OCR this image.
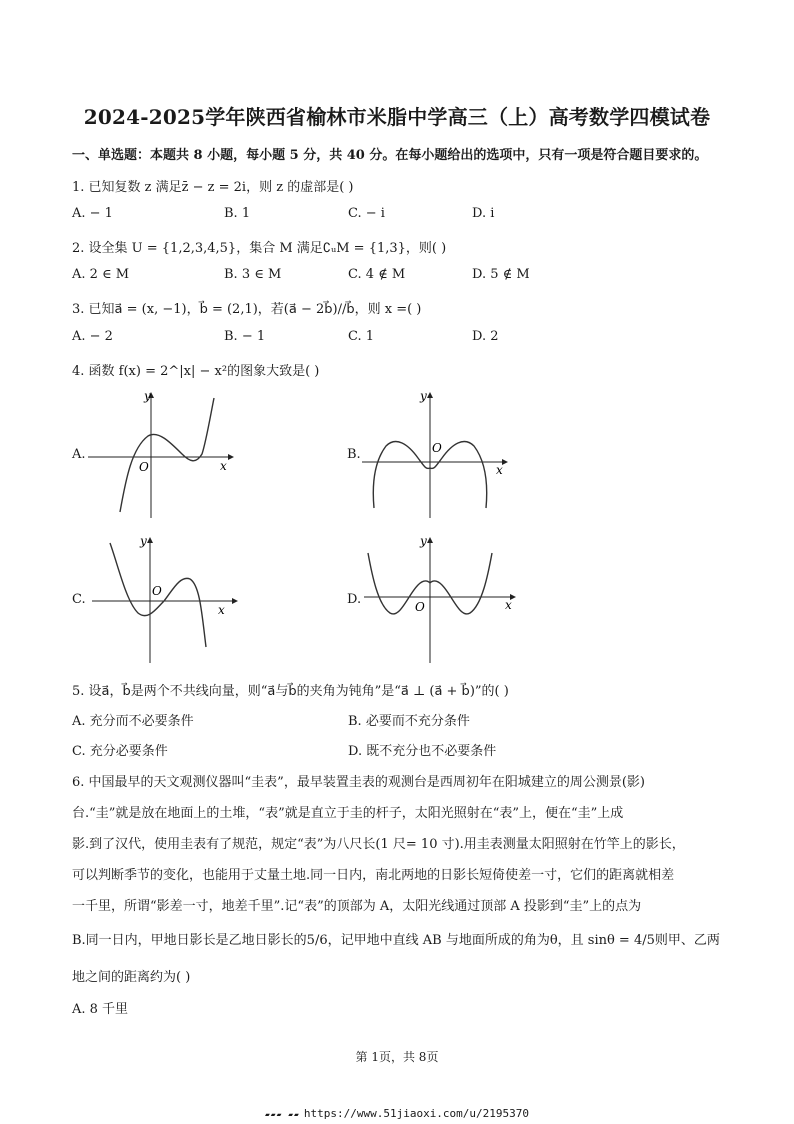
2024-2025学年陕西省榆林市米脂中学高三（上）高考数学四模试卷
一、单选题：本题共 8 小题，每小题 5 分，共 40 分。在每小题给出的选项中，只有一项是符合题目要求的。
1. 已知复数 z 满足z̄ − z = 2i，则 z 的虚部是( )
A. − 1	B. 1	C. − i	D. i
2. 设全集 U = {1,2,3,4,5}，集合 M 满足∁ᵤM = {1,3}，则( )
A. 2 ∈ M	B. 3 ∈ M	C. 4 ∉ M	D. 5 ∉ M
3. 已知a⃗ = (x, −1)，b⃗ = (2,1)，若(a⃗ − 2b⃗)//b⃗，则 x =( )
A. − 2	B. − 1	C. 1	D. 2
4. 函数 f(x) = 2^|x| − x²的图象大致是( )
A.
y
x
O
B.
y
x
O
C.
y
x
O
D.
y
x
O
5. 设a⃗，b⃗是两个不共线向量，则“a⃗与b⃗的夹角为钝角”是“a⃗ ⊥ (a⃗ + b⃗)”的( )
A. 充分而不必要条件	B. 必要而不充分条件
C. 充分必要条件	D. 既不充分也不必要条件
6. 中国最早的天文观测仪器叫“圭表”，最早装置圭表的观测台是西周初年在阳城建立的周公测景(影)
台.“圭”就是放在地面上的土堆，“表”就是直立于圭的杆子，太阳光照射在“表”上，便在“圭”上成
影.到了汉代，使用圭表有了规范，规定“表”为八尺长(1 尺= 10 寸).用圭表测量太阳照射在竹竿上的影长，
可以判断季节的变化，也能用于丈量土地.同一日内，南北两地的日影长短倚使差一寸，它们的距离就相差
一千里，所谓“影差一寸，地差千里”.记“表”的顶部为 A，太阳光线通过顶部 A 投影到“圭”上的点为
B.同一日内，甲地日影长是乙地日影长的5/6，记甲地中直线 AB 与地面所成的角为θ，且 sinθ = 4/5则甲、乙两
地之间的距离约为( )
A. 8 千里
第 1页，共 8页
▰▰▰ ▰▰ https://www.51jiaoxi.com/u/2195370
